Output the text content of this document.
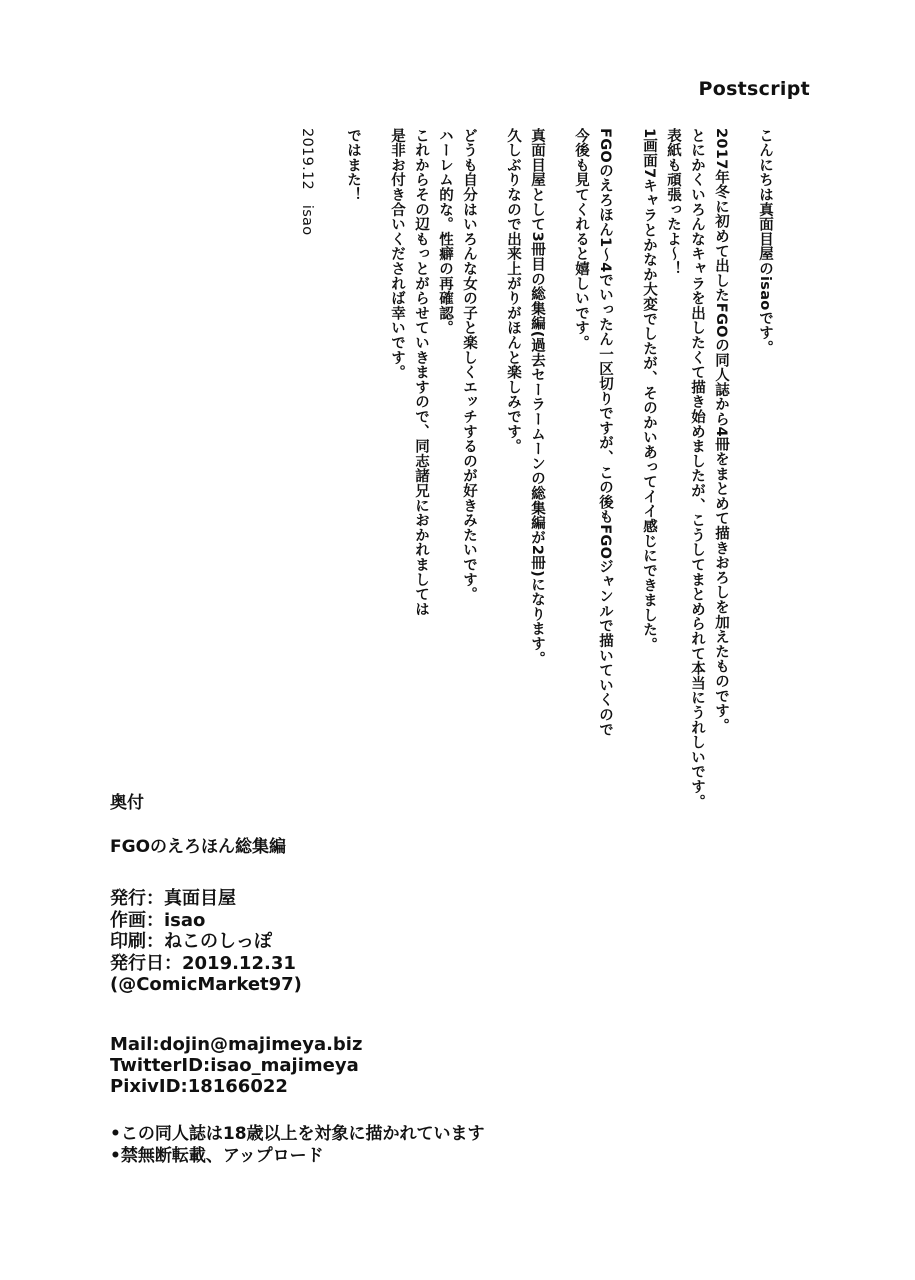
Postscript
こんにちは真面目屋のisaoです。
2017年冬に初めて出したFGOの同人誌から4冊をまとめて描きおろしを加えたものです。
とにかくいろんなキャラを出したくて描き始めましたが、こうしてまとめられて本当にうれしいです。
表紙も頑張ったよ〜！
1画面7キャラとかなか大変でしたが、そのかいあってイイ感じにできました。
FGOのえろほん1〜4でいったん一区切りですが、この後もFGOジャンルで描いていくので
今後も見てくれると嬉しいです。
真面目屋として3冊目の総集編(過去セーラームーンの総集編が2冊)になります。
久しぶりなので出来上がりがほんと楽しみです。
どうも自分はいろんな女の子と楽しくエッチするのが好きみたいです。
ハーレム的な。性癖の再確認。
これからその辺もっとがらせていきますので、同志諸兄におかれましては
是非お付き合いくだされば幸いです。
ではまた！
2019.12　isao
奥付
FGOのえろほん総集編
発行：真面目屋
作画：isao
印刷：ねこのしっぽ
発行日：2019.12.31
(@ComicMarket97)
Mail:dojin@majimeya.biz
TwitterID:isao_majimeya
PixivID:18166022
•この同人誌は18歳以上を対象に描かれています
•禁無断転載、アップロード
